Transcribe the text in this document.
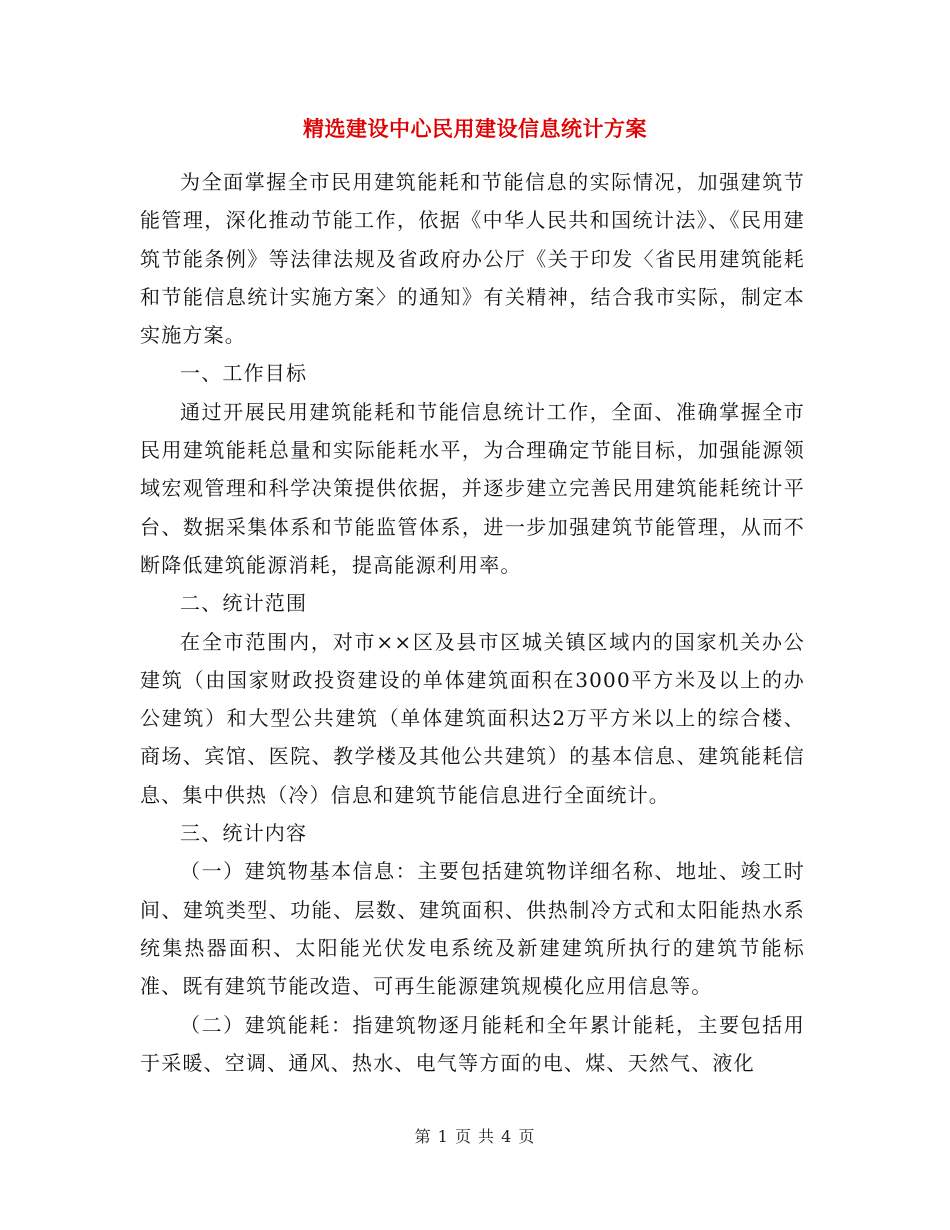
精选建设中心民用建设信息统计方案

为全面掌握全市民用建筑能耗和节能信息的实际情况，加强建筑节能管理，深化推动节能工作，依据《中华人民共和国统计法》、《民用建筑节能条例》等法律法规及省政府办公厅《关于印发〈省民用建筑能耗和节能信息统计实施方案〉的通知》有关精神，结合我市实际，制定本实施方案。

一、工作目标

通过开展民用建筑能耗和节能信息统计工作，全面、准确掌握全市民用建筑能耗总量和实际能耗水平，为合理确定节能目标，加强能源领域宏观管理和科学决策提供依据，并逐步建立完善民用建筑能耗统计平台、数据采集体系和节能监管体系，进一步加强建筑节能管理，从而不断降低建筑能源消耗，提高能源利用率。

二、统计范围

在全市范围内，对市××区及县市区城关镇区域内的国家机关办公建筑（由国家财政投资建设的单体建筑面积在3000平方米及以上的办公建筑）和大型公共建筑（单体建筑面积达2万平方米以上的综合楼、商场、宾馆、医院、教学楼及其他公共建筑）的基本信息、建筑能耗信息、集中供热（冷）信息和建筑节能信息进行全面统计。

三、统计内容

（一）建筑物基本信息：主要包括建筑物详细名称、地址、竣工时间、建筑类型、功能、层数、建筑面积、供热制冷方式和太阳能热水系统集热器面积、太阳能光伏发电系统及新建建筑所执行的建筑节能标准、既有建筑节能改造、可再生能源建筑规模化应用信息等。

（二）建筑能耗：指建筑物逐月能耗和全年累计能耗，主要包括用于采暖、空调、通风、热水、电气等方面的电、煤、天然气、液化

第 1 页 共 4 页
